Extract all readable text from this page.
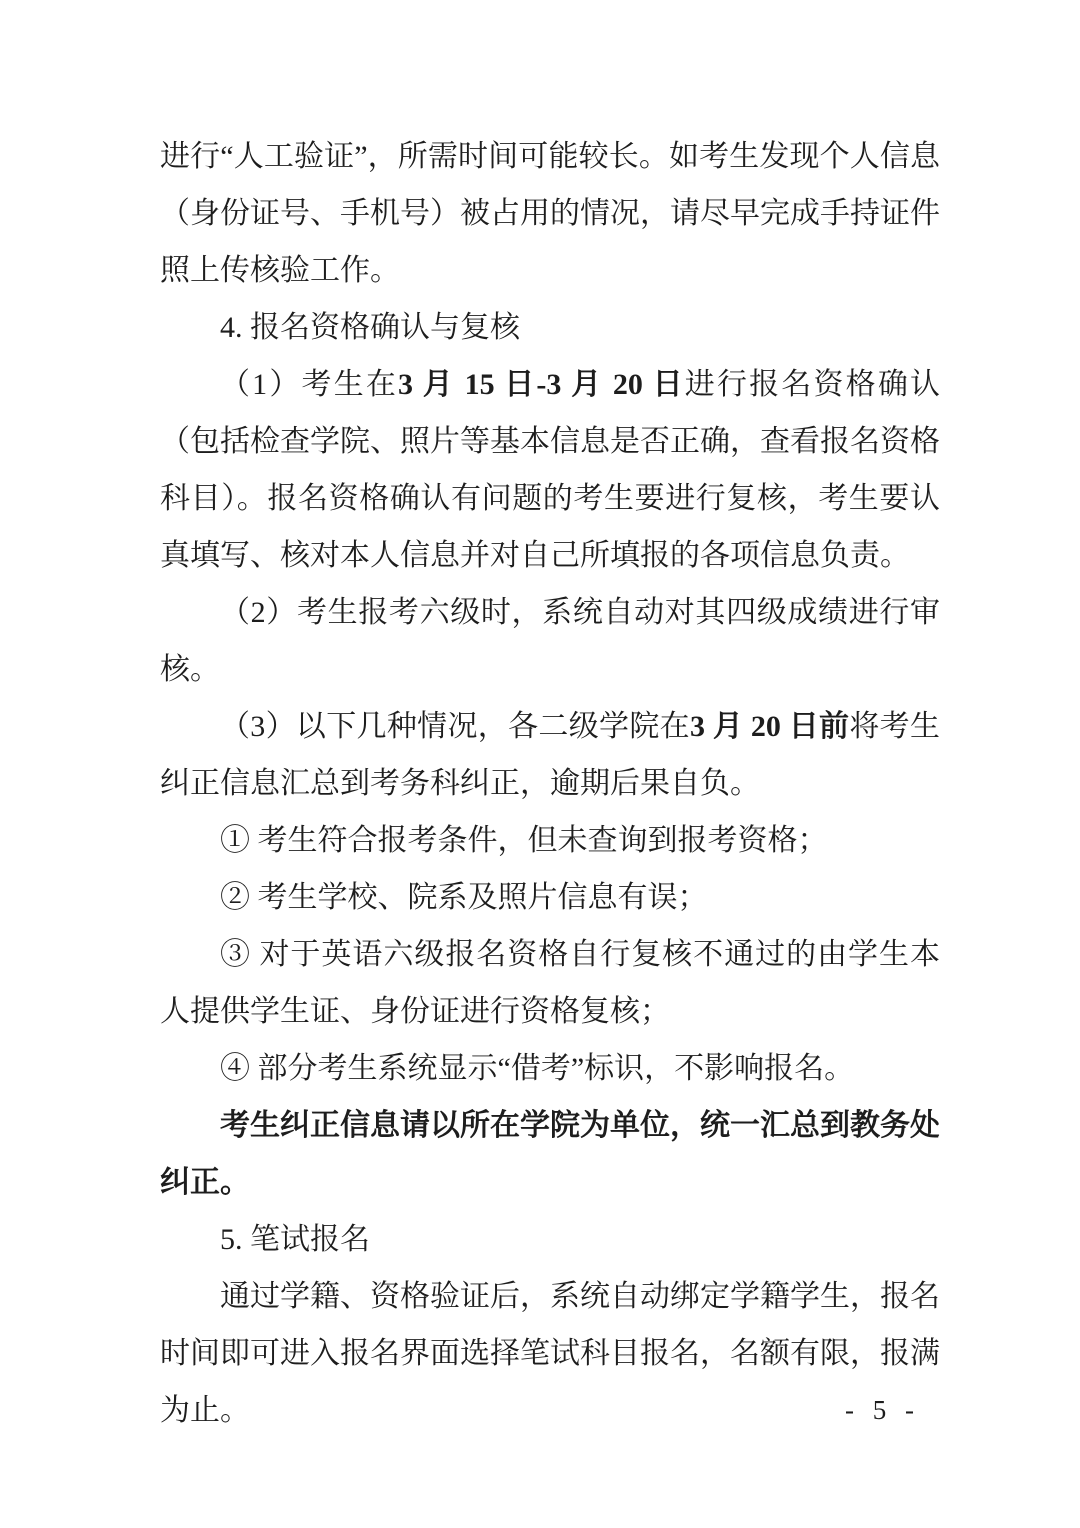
进行“人工验证”，所需时间可能较长。如考生发现个人信息（身份证号、手机号）被占用的情况，请尽早完成手持证件照上传核验工作。

4. 报名资格确认与复核

（1）考生在3 月 15 日-3 月 20 日进行报名资格确认（包括检查学院、照片等基本信息是否正确，查看报名资格科目）。报名资格确认有问题的考生要进行复核，考生要认真填写、核对本人信息并对自己所填报的各项信息负责。

（2）考生报考六级时，系统自动对其四级成绩进行审核。

（3）以下几种情况，各二级学院在3 月 20 日前将考生纠正信息汇总到考务科纠正，逾期后果自负。

① 考生符合报考条件，但未查询到报考资格；

② 考生学校、院系及照片信息有误；

③ 对于英语六级报名资格自行复核不通过的由学生本人提供学生证、身份证进行资格复核；

④ 部分考生系统显示“借考”标识，不影响报名。

考生纠正信息请以所在学院为单位，统一汇总到教务处纠正。

5. 笔试报名

通过学籍、资格验证后，系统自动绑定学籍学生，报名时间即可进入报名界面选择笔试科目报名，名额有限，报满为止。	- 5 -
